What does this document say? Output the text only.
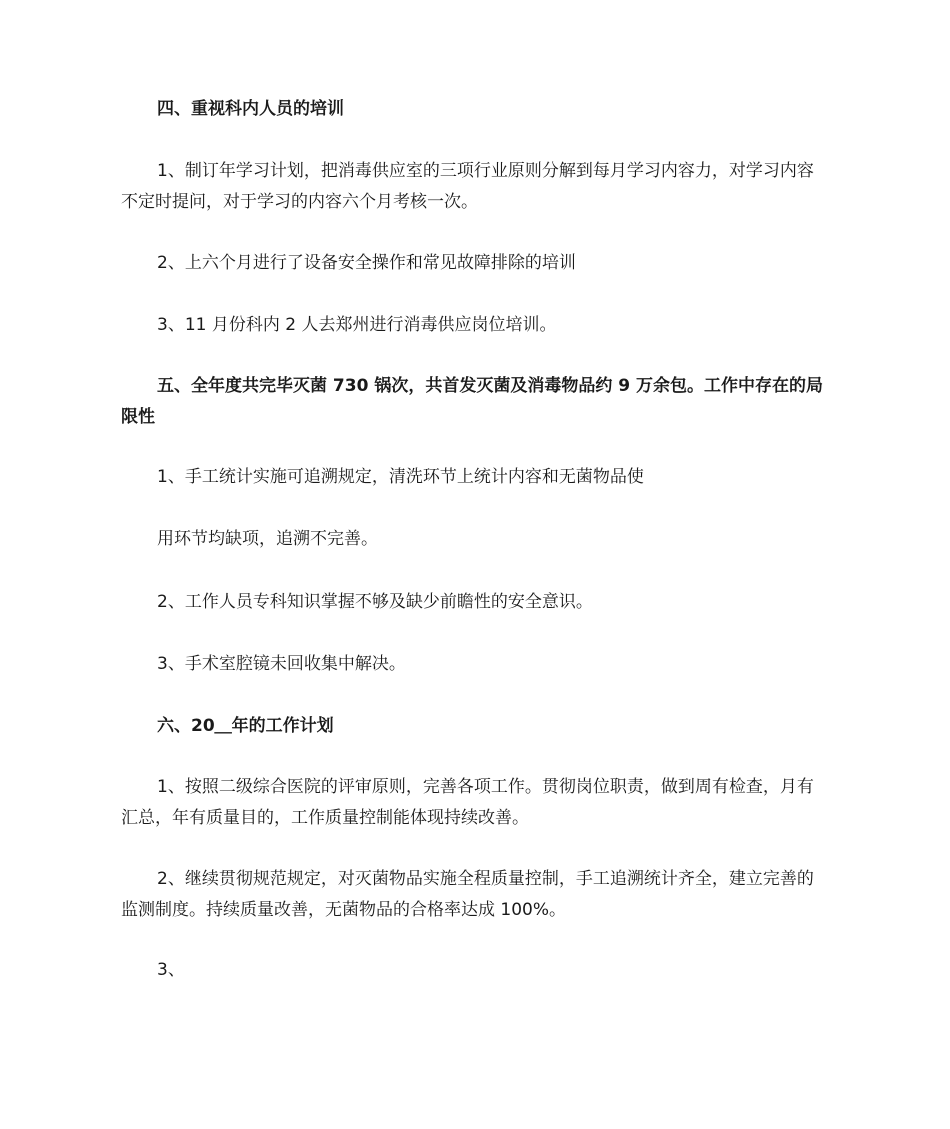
四、重视科内人员的培训

1、制订年学习计划，把消毒供应室的三项行业原则分解到每月学习内容力，对学习内容不定时提问，对于学习的内容六个月考核一次。

2、上六个月进行了设备安全操作和常见故障排除的培训

3、11 月份科内 2 人去郑州进行消毒供应岗位培训。

五、全年度共完毕灭菌 730 锅次，共首发灭菌及消毒物品约 9 万余包。工作中存在的局限性

1、手工统计实施可追溯规定，清洗环节上统计内容和无菌物品使

用环节均缺项，追溯不完善。

2、工作人员专科知识掌握不够及缺少前瞻性的安全意识。

3、手术室腔镜未回收集中解决。

六、20＿年的工作计划

1、按照二级综合医院的评审原则，完善各项工作。贯彻岗位职责，做到周有检查，月有汇总，年有质量目的，工作质量控制能体现持续改善。

2、继续贯彻规范规定，对灭菌物品实施全程质量控制，手工追溯统计齐全，建立完善的监测制度。持续质量改善，无菌物品的合格率达成 100%。

3、
